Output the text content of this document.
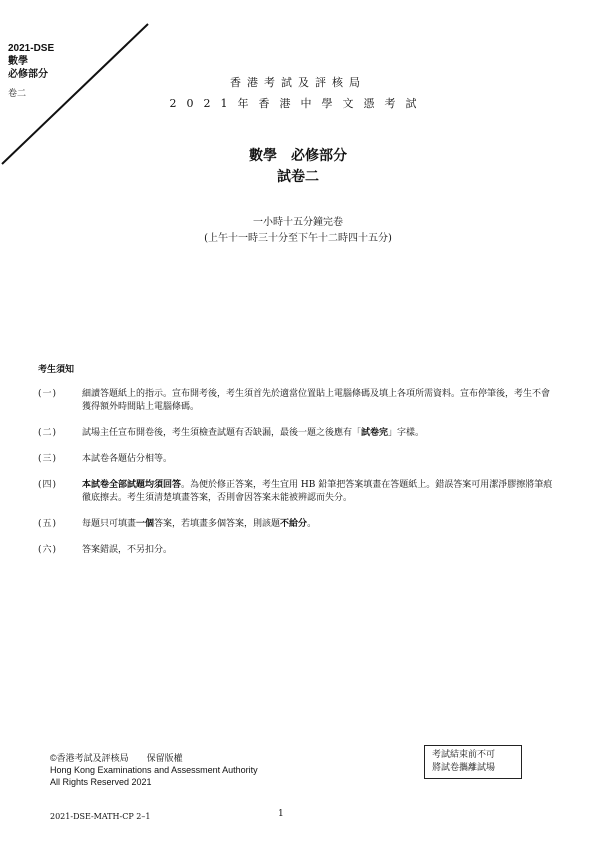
2021-DSE
數學
必修部分
卷二
香港考試及評核局
2021年香港中學文憑考試
數學　必修部分
試卷二
一小時十五分鐘完卷
(上午十一時三十分至下午十二時四十五分)
考生須知
(一)	細讀答題紙上的指示。宣布開考後，考生須首先於適當位置貼上電腦條碼及填上各項所需資料。宣布停筆後，考生不會獲得額外時間貼上電腦條碼。
(二)	試場主任宣布開卷後，考生須檢查試題有否缺漏，最後一題之後應有「試卷完」字樣。
(三)	本試卷各題佔分相等。
(四)	本試卷全部試題均須回答。為便於修正答案，考生宜用 HB 鉛筆把答案填畫在答題紙上。錯誤答案可用潔淨膠擦將筆痕徹底擦去。考生須清楚填畫答案，否則會因答案未能被辨認而失分。
(五)	每題只可填畫一個答案，若填畫多個答案，則該題不給分。
(六)	答案錯誤，不另扣分。
©香港考試及評核局　　保留版權
Hong Kong Examinations and Assessment Authority
All Rights Reserved 2021
考試結束前不可
將試卷攜離試場
2021-DSE-MATH-CP 2–1	1
